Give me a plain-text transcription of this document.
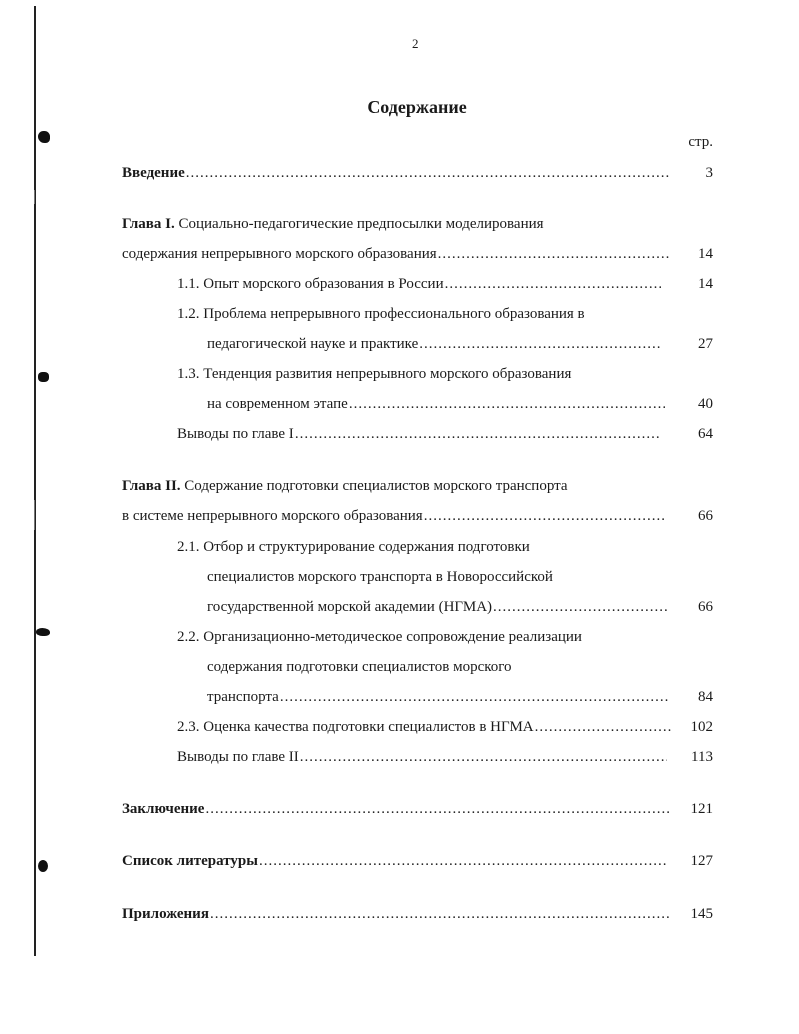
2
Содержание
стр.
Введение .....	3
Глава I. Социально-педагогические предпосылки моделирования
содержания непрерывного морского образования .....	14
1.1. Опыт морского образования в России .....	14
1.2. Проблема непрерывного профессионального образования в
педагогической науке и практике .....	27
1.3. Тенденция развития непрерывного морского образования
на современном этапе .....	40
Выводы по главе I .....	64
Глава II. Содержание подготовки специалистов морского транспорта
в системе непрерывного морского образования .....	66
2.1. Отбор и структурирование содержания подготовки
специалистов морского транспорта в Новороссийской
государственной морской академии (НГМА) .....	66
2.2. Организационно-методическое сопровождение реализации
содержания подготовки специалистов морского
транспорта .....	84
2.3. Оценка качества подготовки специалистов в НГМА .....	102
Выводы по главе II .....	113
Заключение .....	121
Список литературы .....	127
Приложения .....	145
